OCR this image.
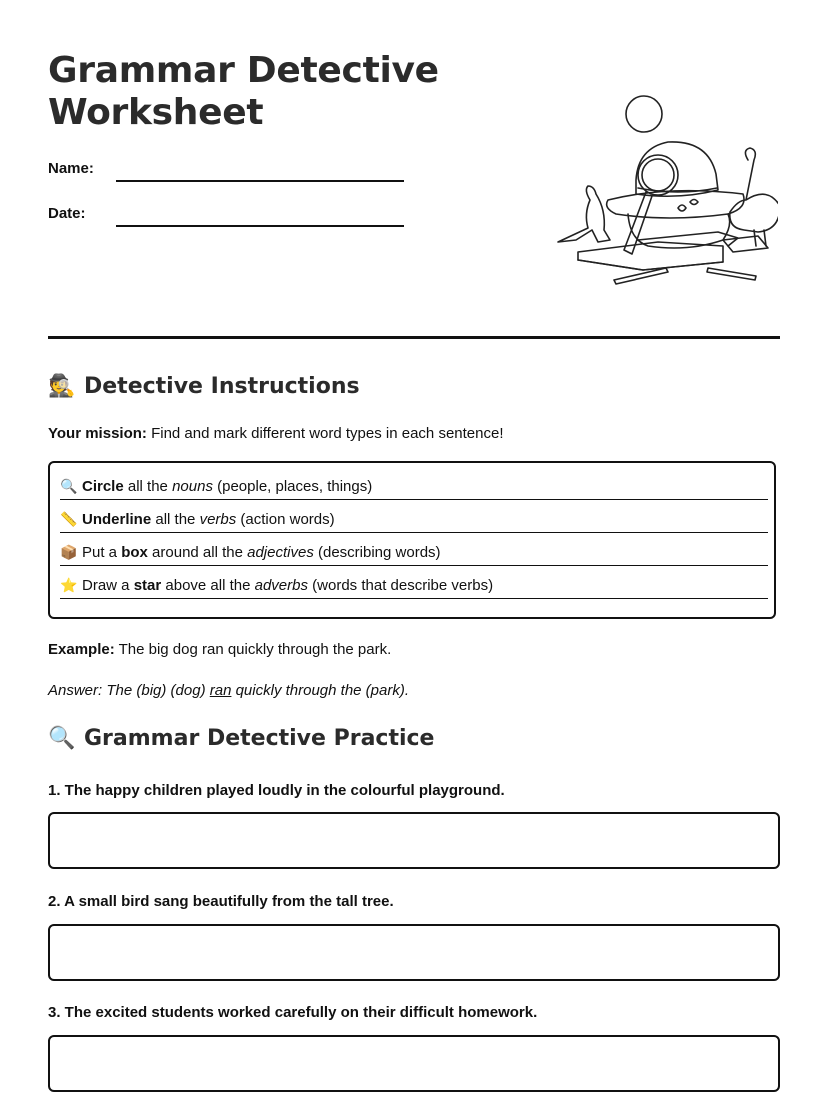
Grammar Detective Worksheet
Name:
Date:
🕵 Detective Instructions
Your mission: Find and mark different word types in each sentence!
🔍 Circle all the nouns (people, places, things)
📏 Underline all the verbs (action words)
📦 Put a box around all the adjectives (describing words)
⭐ Draw a star above all the adverbs (words that describe verbs)
Example: The big dog ran quickly through the park.
Answer: The (big) (dog) ran quickly through the (park).
🔍 Grammar Detective Practice
1. The happy children played loudly in the colourful playground.
2. A small bird sang beautifully from the tall tree.
3. The excited students worked carefully on their difficult homework.
